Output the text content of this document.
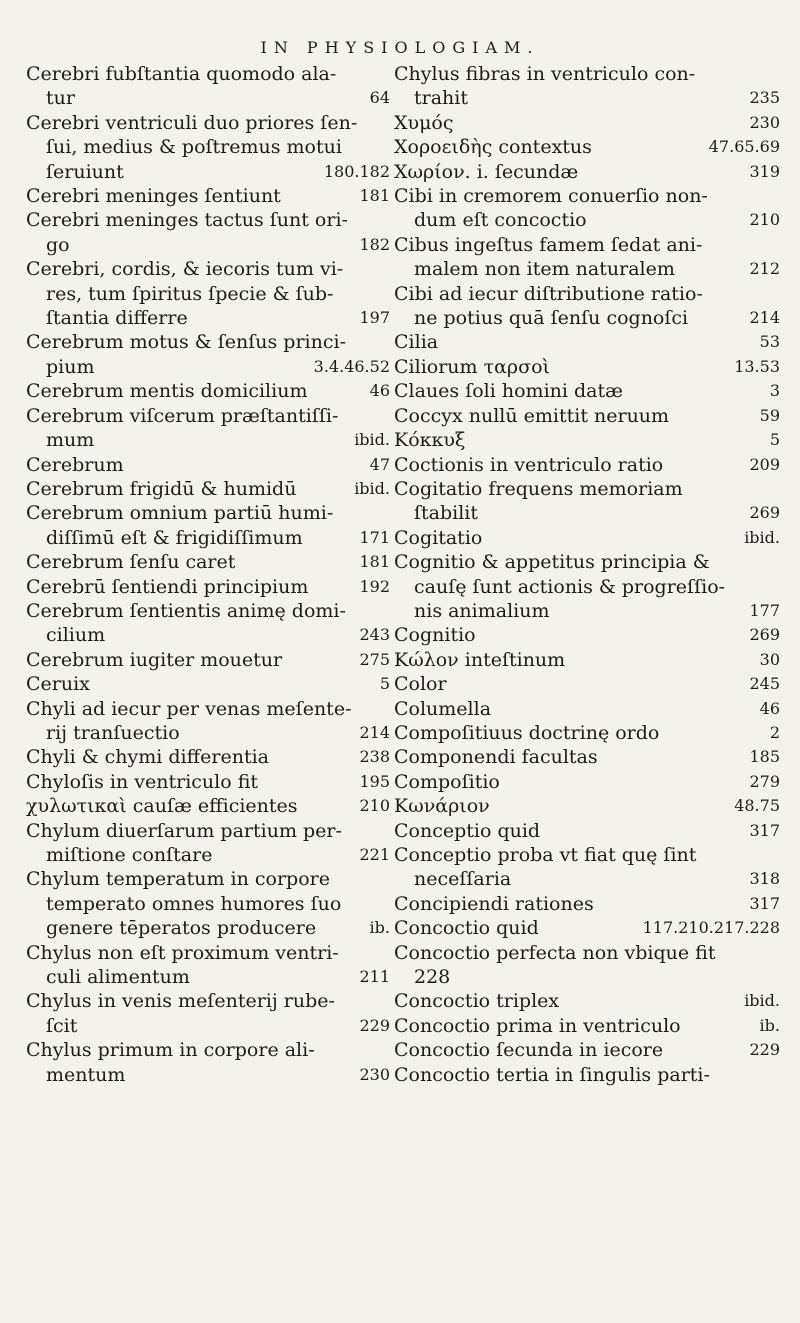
IN PHYSIOLOGIAM.
Cerebri fubſtantia quomodo ala-
tur	64
Cerebri ventriculi duo priores ſen-
ſui, medius & poſtremus motui
ſeruiunt	180.182
Cerebri meninges ſentiunt	181
Cerebri meninges tactus ſunt ori-
go	182
Cerebri, cordis, & iecoris tum vi-
res, tum ſpiritus ſpecie & ſub-
ſtantia differre	197
Cerebrum motus & ſenſus princi-
pium	3.4.46.52
Cerebrum mentis domicilium	46
Cerebrum viſcerum præſtantiſſi-
mum	ibid.
Cerebrum	47
Cerebrum frigidū & humidū	ibid.
Cerebrum omnium partiū humi-
diſſimū eſt & frigidiſſimum	171
Cerebrum ſenſu caret	181
Cerebrū ſentiendi principium	192
Cerebrum ſentientis animę domi-
cilium	243
Cerebrum iugiter mouetur	275
Ceruix	5
Chyli ad iecur per venas meſente-
rij tranſuectio	214
Chyli & chymi differentia	238
Chyloſis in ventriculo fit	195
χυλωτικαὶ cauſæ efficientes	210
Chylum diuerſarum partium per-
miſtione conſtare	221
Chylum temperatum in corpore
temperato omnes humores ſuo
genere tēperatos producere	ib.
Chylus non eſt proximum ventri-
culi alimentum	211
Chylus in venis meſenterij rube-
ſcit	229
Chylus primum in corpore ali-
mentum	230
Chylus fibras in ventriculo con-
trahit	235
Χυμός	230
Χοροειδὴς contextus	47.65.69
Χωρίον. i. ſecundæ	319
Cibi in cremorem conuerſio non-
dum eſt concoctio	210
Cibus ingeſtus famem ſedat ani-
malem non item naturalem	212
Cibi ad iecur diſtributione ratio-
ne potius quā ſenſu cognoſci	214
Cilia	53
Ciliorum ταρσοὶ	13.53
Claues ſoli homini datæ	3
Coccyx nullū emittit neruum	59
Κόκκυξ	5
Coctionis in ventriculo ratio	209
Cogitatio frequens memoriam
ſtabilit	269
Cogitatio	ibid.
Cognitio & appetitus principia &
cauſę ſunt actionis & progreſſio-
nis animalium	177
Cognitio	269
Κώλον inteſtinum	30
Color	245
Columella	46
Compoſitiuus doctrinę ordo	2
Componendi facultas	185
Compoſitio	279
Κωνάριον	48.75
Conceptio quid	317
Conceptio proba vt fiat quę ſint
neceſſaria	318
Concipiendi rationes	317
Concoctio quid	117.210.217.228
Concoctio perfecta non vbique fit
228
Concoctio triplex	ibid.
Concoctio prima in ventriculo	ib.
Concoctio ſecunda in iecore	229
Concoctio tertia in ſingulis parti-
